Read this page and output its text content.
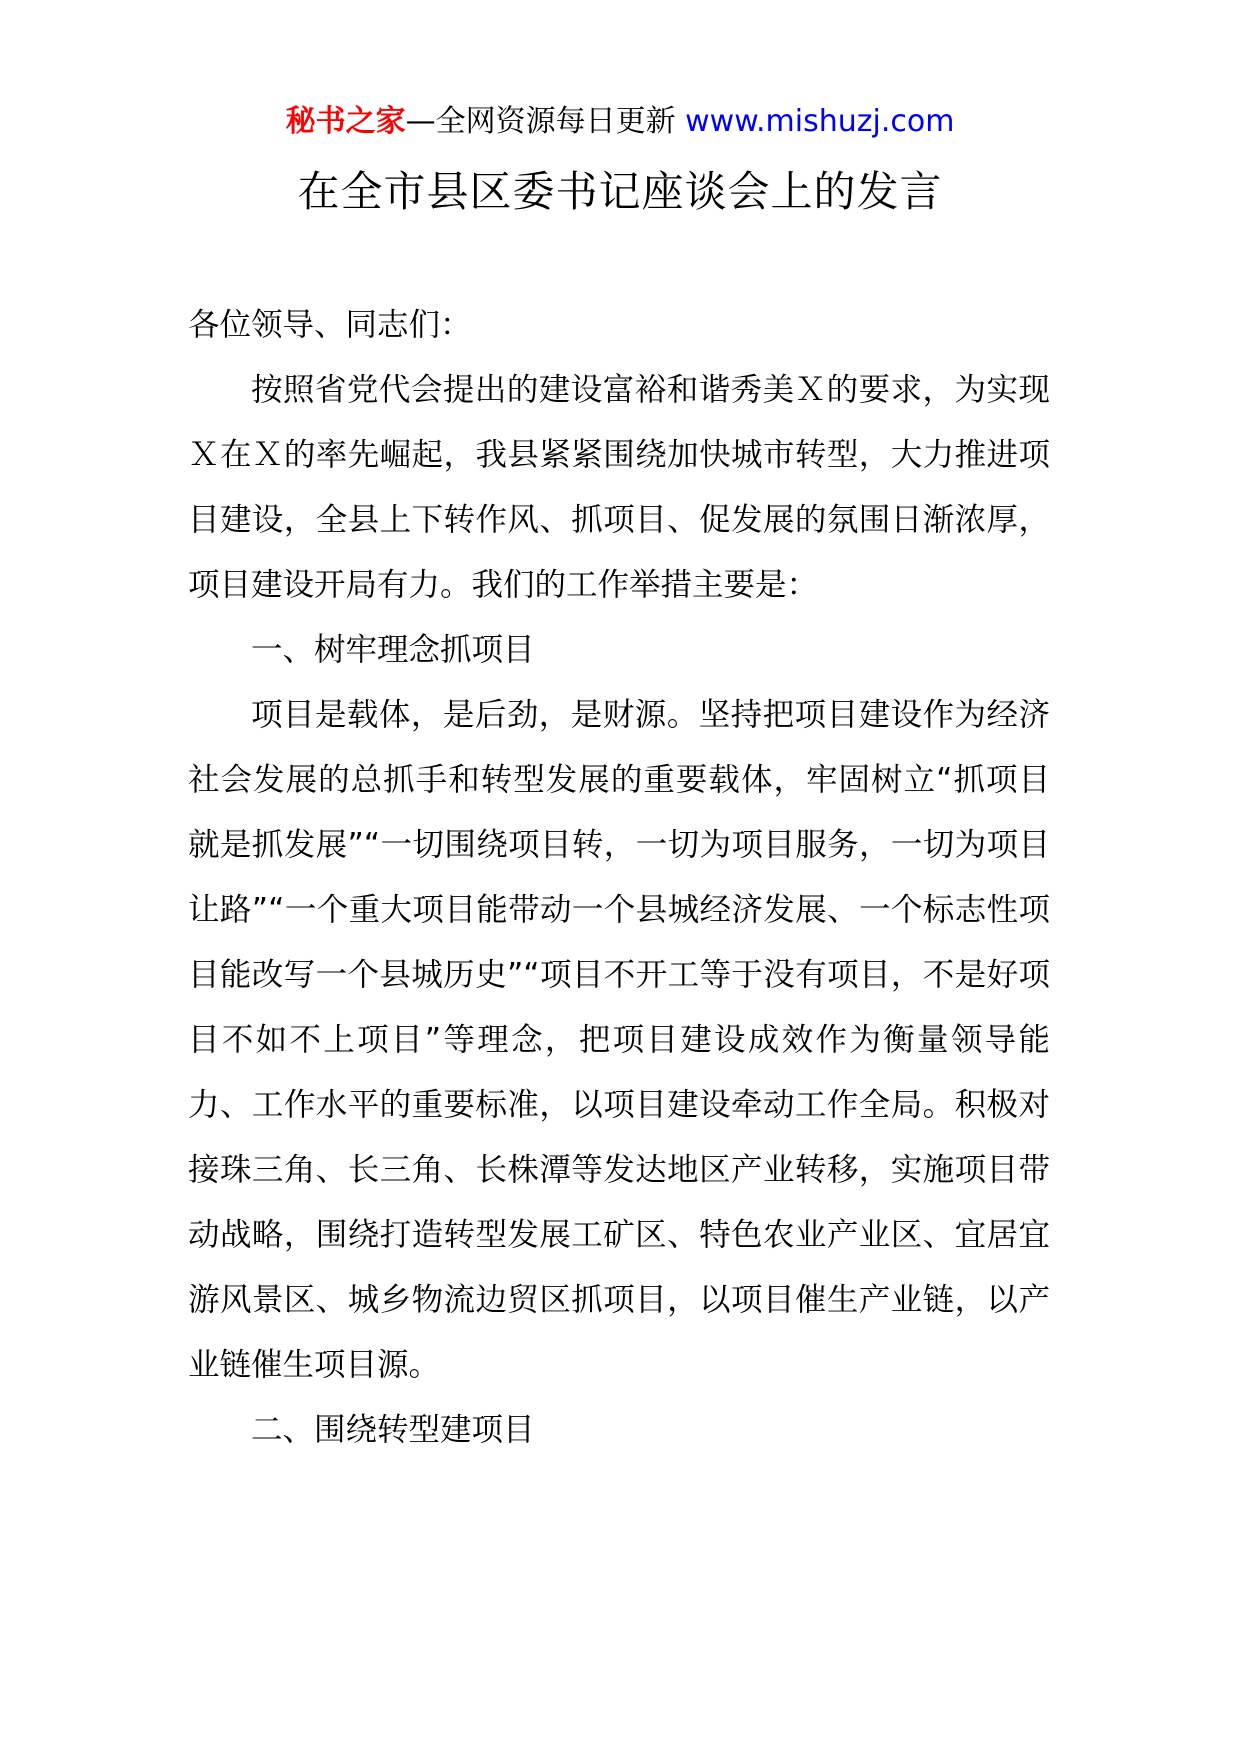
秘书之家—全网资源每日更新 www.mishuzj.com
在全市县区委书记座谈会上的发言

各位领导、同志们：

按照省党代会提出的建设富裕和谐秀美Ｘ的要求，为实现Ｘ在Ｘ的率先崛起，我县紧紧围绕加快城市转型，大力推进项目建设，全县上下转作风、抓项目、促发展的氛围日渐浓厚，项目建设开局有力。我们的工作举措主要是：

一、树牢理念抓项目

项目是载体，是后劲，是财源。坚持把项目建设作为经济社会发展的总抓手和转型发展的重要载体，牢固树立“抓项目就是抓发展”“一切围绕项目转，一切为项目服务，一切为项目让路”“一个重大项目能带动一个县城经济发展、一个标志性项目能改写一个县城历史”“项目不开工等于没有项目，不是好项目不如不上项目”等理念，把项目建设成效作为衡量领导能力、工作水平的重要标准，以项目建设牵动工作全局。积极对接珠三角、长三角、长株潭等发达地区产业转移，实施项目带动战略，围绕打造转型发展工矿区、特色农业产业区、宜居宜游风景区、城乡物流边贸区抓项目，以项目催生产业链，以产业链催生项目源。

二、围绕转型建项目
